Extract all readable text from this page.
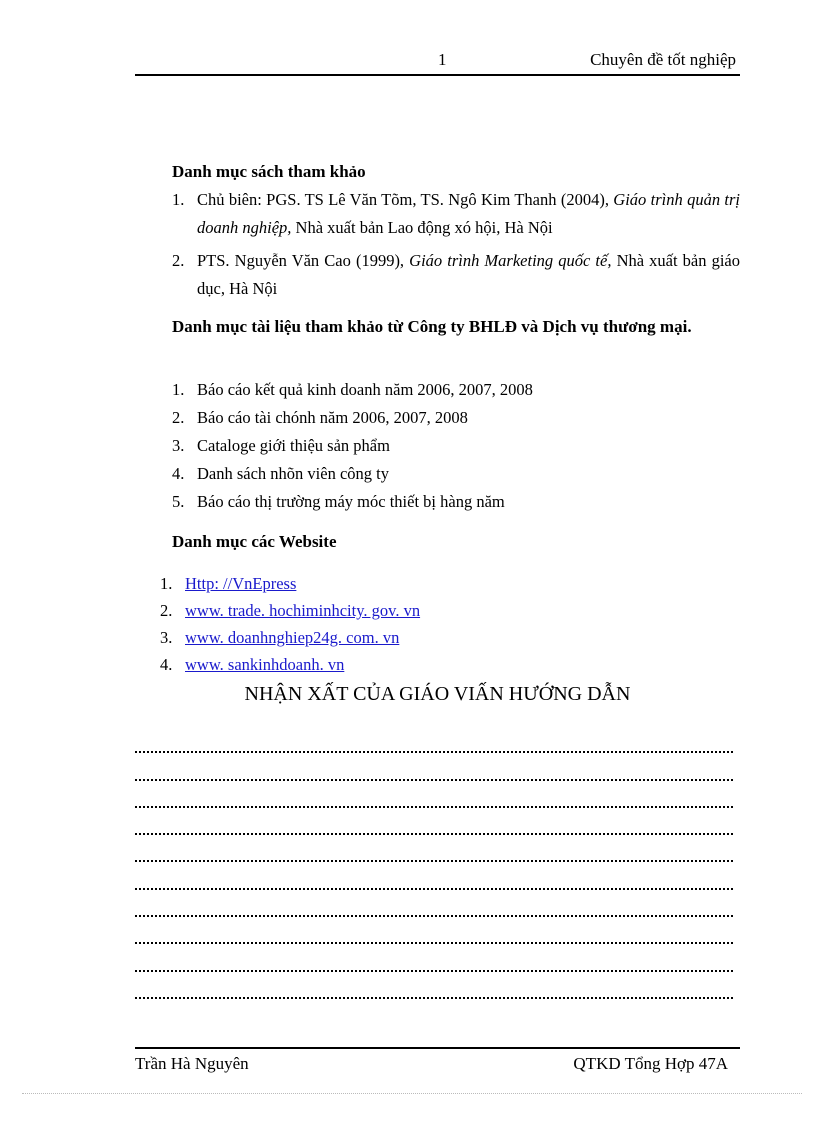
1	Chuyên đề tốt nghiệp
Danh mục sách tham khảo
1. Chủ biên: PGS. TS Lê Văn Tõm, TS. Ngô Kim Thanh (2004), Giáo trình quản trị doanh nghiệp, Nhà xuất bản Lao động xó hội, Hà Nội
2. PTS. Nguyễn Văn Cao (1999), Giáo trình Marketing quốc tế, Nhà xuất bản giáo dục, Hà Nội
Danh mục tài liệu tham khảo từ Công ty BHLĐ và Dịch vụ thương mại.
1. Báo cáo kết quả kinh doanh năm 2006, 2007, 2008
2. Báo cáo tài chónh năm 2006, 2007, 2008
3. Cataloge giới thiệu sản phẩm
4. Danh sách nhõn viên công ty
5. Báo cáo thị trường máy móc thiết bị hàng năm
Danh mục các Website
1. Http: //VnEpress
2. www. trade. hochiminhcity. gov. vn
3. www. doanhnghiep24g. com. vn
4. www. sankinhdoanh. vn
NHẬN XẤT CỦA GIÁO VIẤN HƯỚNG DẪN
Trần Hà Nguyên	QTKD Tổng Hợp 47A
